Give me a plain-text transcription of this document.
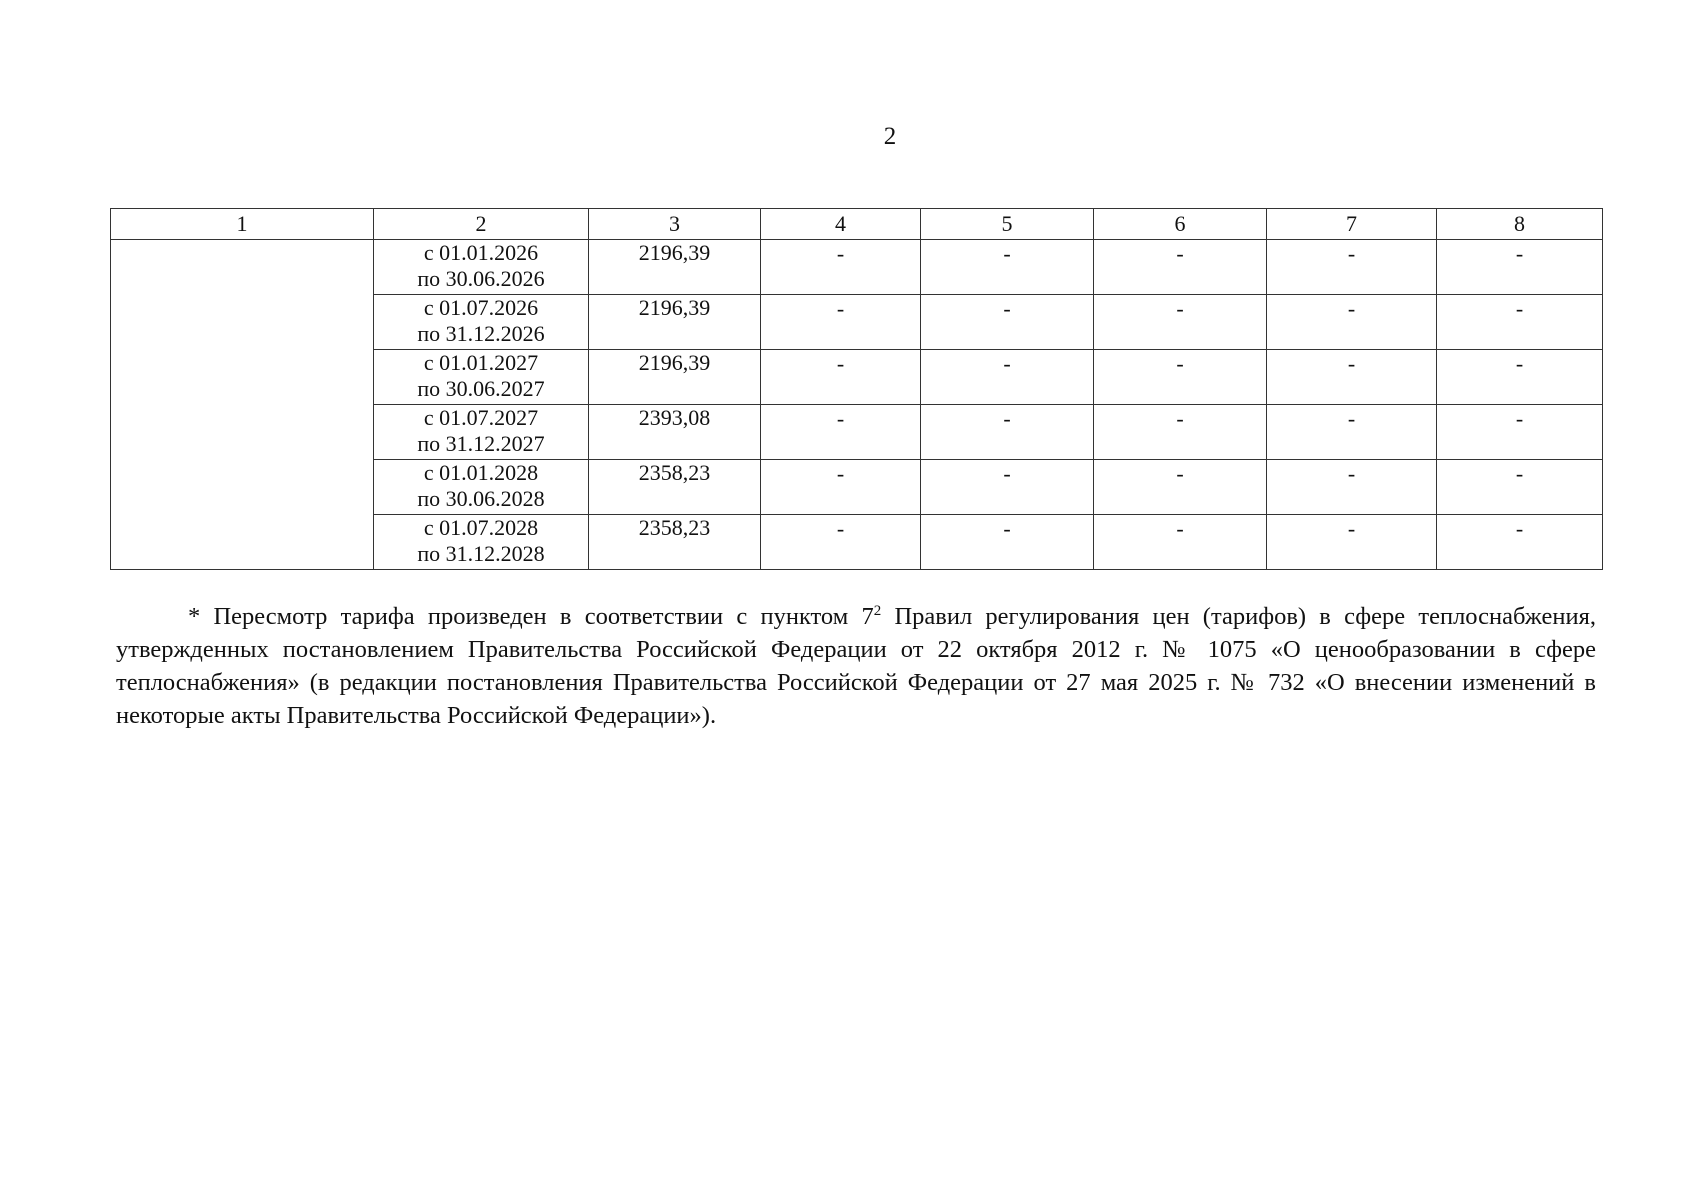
2
1	2	3	4	5	6	7	8

	с 01.01.2026
по 30.06.2026	2196,39	-	-	-	-	-

	с 01.07.2026
по 31.12.2026	2196,39	-	-	-	-	-

	с 01.01.2027
по 30.06.2027	2196,39	-	-	-	-	-

	с 01.07.2027
по 31.12.2027	2393,08	-	-	-	-	-

	с 01.01.2028
по 30.06.2028	2358,23	-	-	-	-	-

	с 01.07.2028
по 31.12.2028	2358,23	-	-	-	-	-

* Пересмотр тарифа произведен в соответствии с пунктом $7^2$ Правил регулирования цен (тарифов) в сфере теплоснабжения, утвержденных постановлением Правительства Российской Федерации от 22 октября 2012 г. № 1075 «О ценообразовании в сфере теплоснабжения» (в редакции постановления Правительства Российской Федерации от 27 мая 2025 г. № 732 «О внесении изменений в некоторые акты Правительства Российской Федерации»).
